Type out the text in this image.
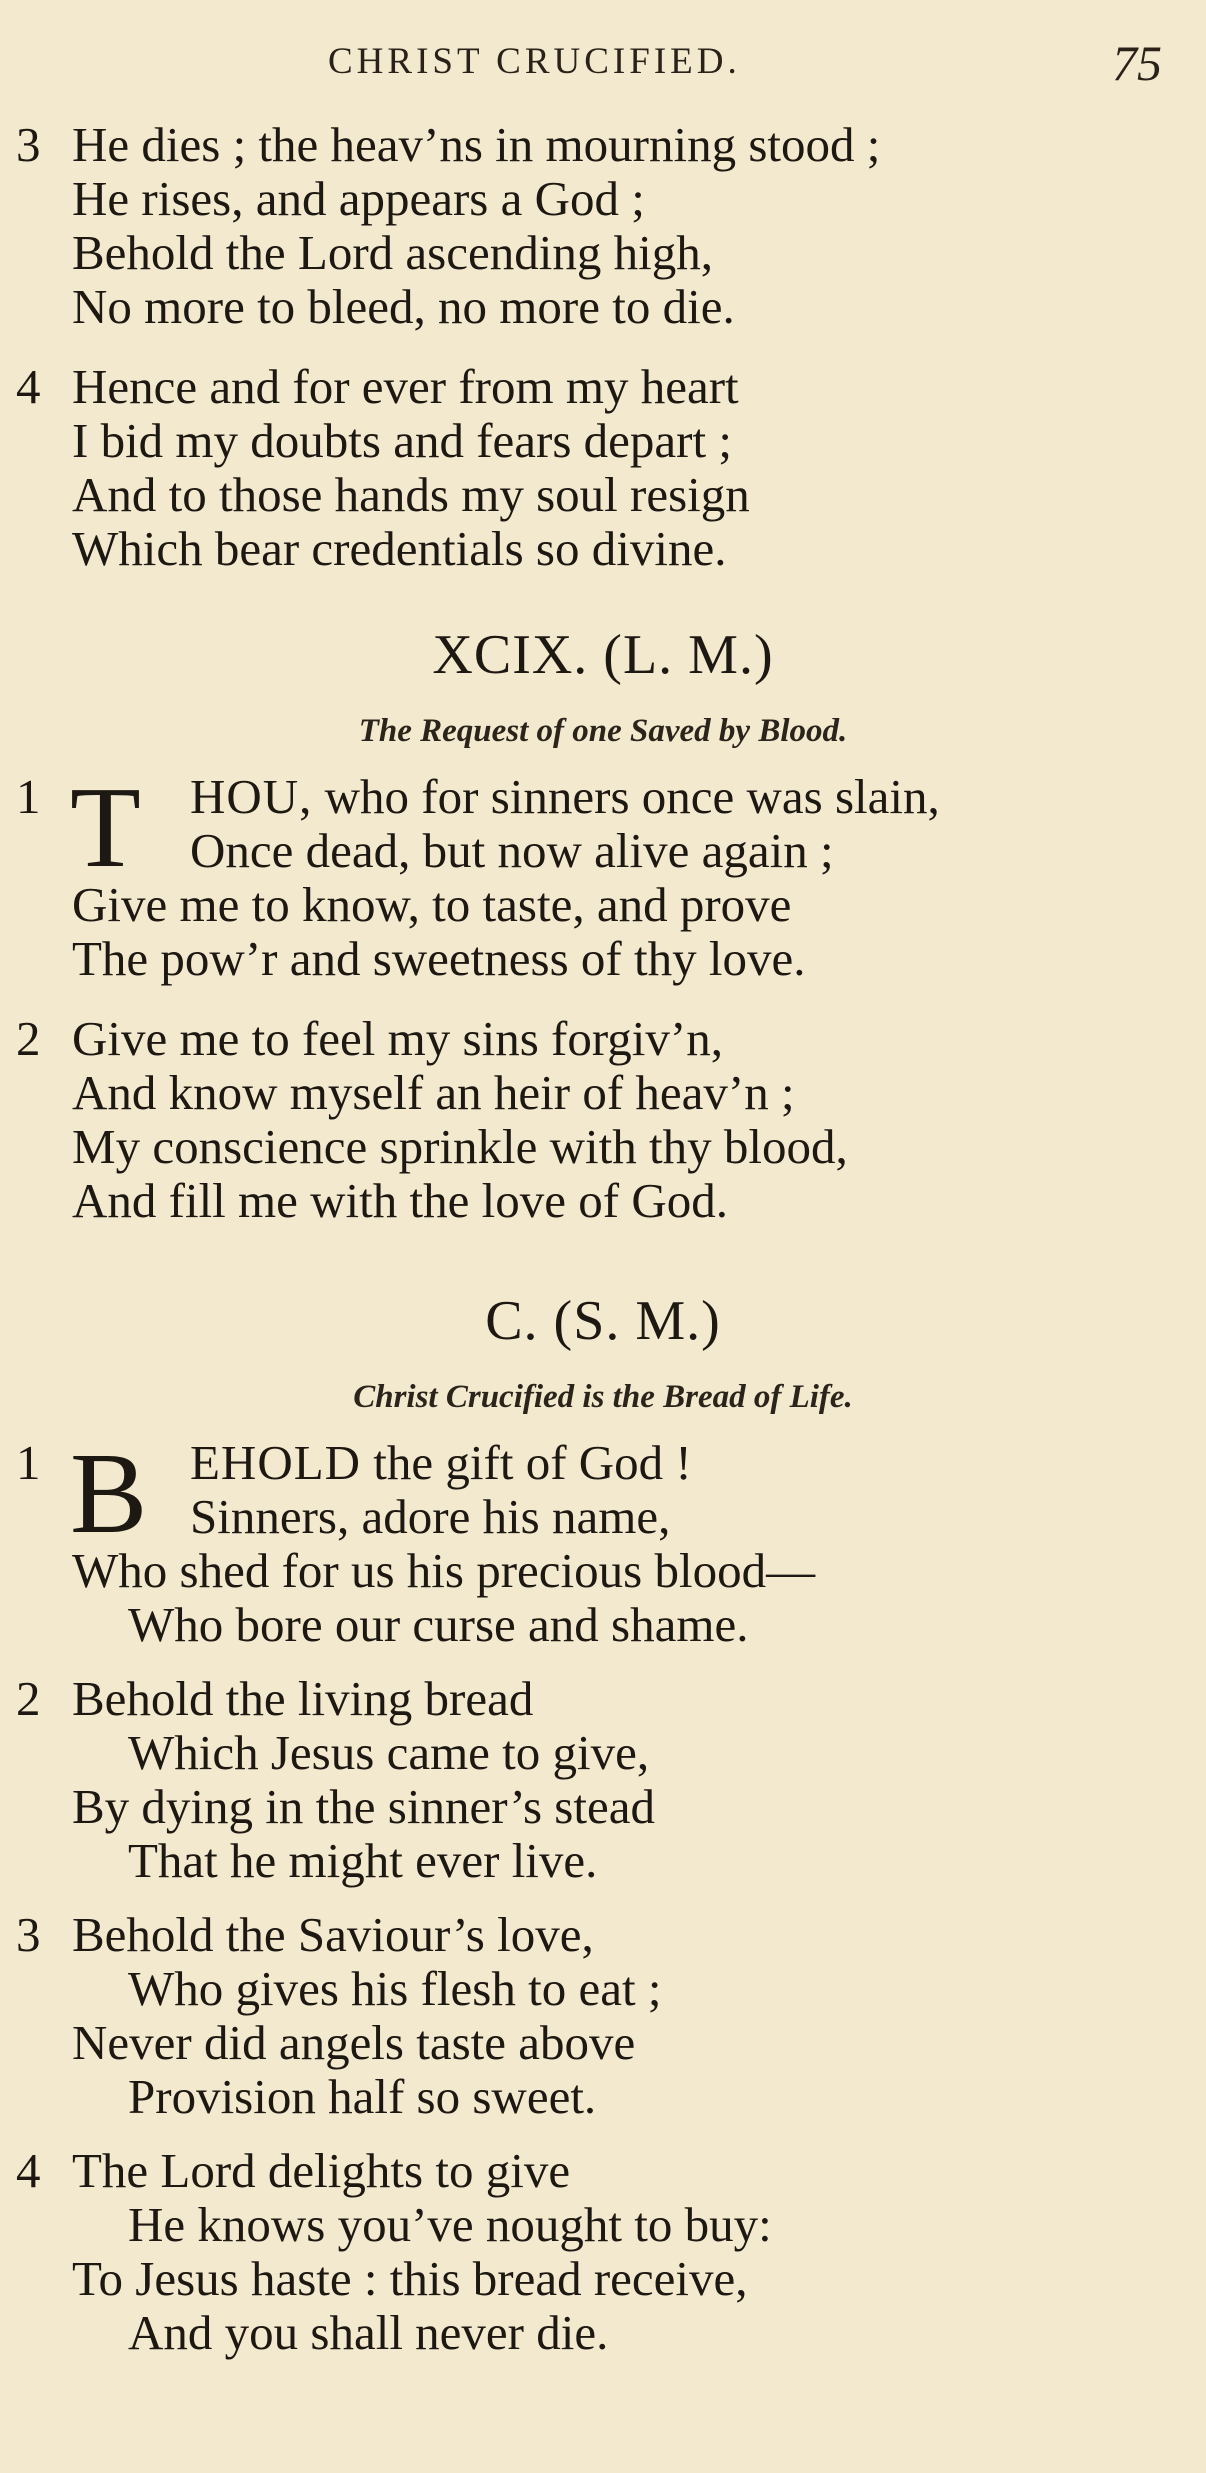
CHRIST CRUCIFIED.	75
3 He dies ; the heav’ns in mourning stood ;
He rises, and appears a God ;
Behold the Lord ascending high,
No more to bleed, no more to die.
4 Hence and for ever from my heart
I bid my doubts and fears depart ;
And to those hands my soul resign
Which bear credentials so divine.
XCIX. (L. M.)
The Request of one Saved by Blood.
T
1	HOU, who for sinners once was slain,
Once dead, but now alive again ;
Give me to know, to taste, and prove
The pow’r and sweetness of thy love.
2 Give me to feel my sins forgiv’n,
And know myself an heir of heav’n ;
My conscience sprinkle with thy blood,
And fill me with the love of God.
C. (S. M.)
Christ Crucified is the Bread of Life.
B
1	EHOLD the gift of God !
Sinners, adore his name,
Who shed for us his precious blood—
Who bore our curse and shame.
2 Behold the living bread
Which Jesus came to give,
By dying in the sinner’s stead
That he might ever live.
3 Behold the Saviour’s love,
Who gives his flesh to eat ;
Never did angels taste above
Provision half so sweet.
4 The Lord delights to give
He knows you’ve nought to buy:
To Jesus haste : this bread receive,
And you shall never die.
